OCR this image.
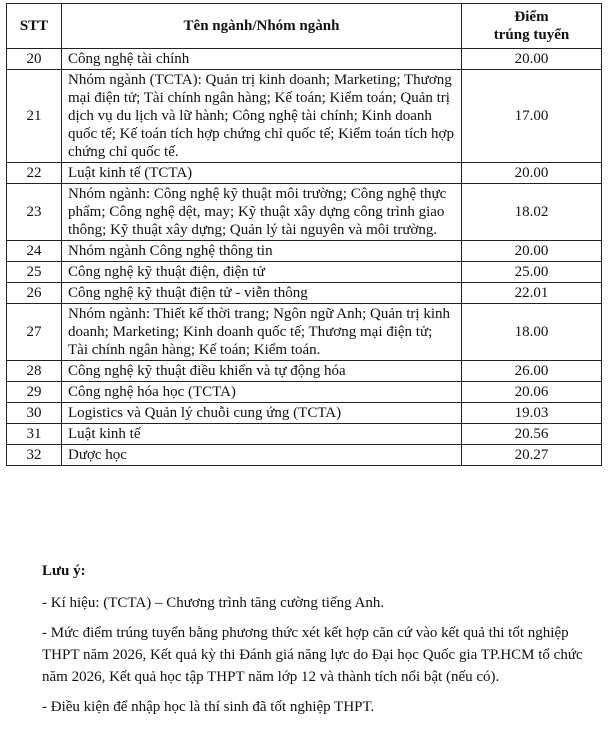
STT	Tên ngành/Nhóm ngành	Điểm
trúng tuyển
20	Công nghệ tài chính	20.00
21	Nhóm ngành (TCTA): Quản trị kinh doanh; Marketing; Thương mại điện tử; Tài chính ngân hàng; Kế toán; Kiểm toán; Quản trị dịch vụ du lịch và lữ hành; Công nghệ tài chính; Kinh doanh quốc tế; Kế toán tích hợp chứng chỉ quốc tế; Kiểm toán tích hợp chứng chỉ quốc tế.	17.00
22	Luật kinh tế (TCTA)	20.00
23	Nhóm ngành: Công nghệ kỹ thuật môi trường; Công nghệ thực phẩm; Công nghệ dệt, may; Kỹ thuật xây dựng công trình giao thông; Kỹ thuật xây dựng; Quản lý tài nguyên và môi trường.	18.02
24	Nhóm ngành Công nghệ thông tin	20.00
25	Công nghệ kỹ thuật điện, điện tử	25.00
26	Công nghệ kỹ thuật điện tử - viễn thông	22.01
27	Nhóm ngành: Thiết kế thời trang; Ngôn ngữ Anh; Quản trị kinh doanh; Marketing; Kinh doanh quốc tế; Thương mại điện tử; Tài chính ngân hàng; Kế toán; Kiểm toán.	18.00
28	Công nghệ kỹ thuật điều khiển và tự động hóa	26.00
29	Công nghệ hóa học (TCTA)	20.06
30	Logistics và Quản lý chuỗi cung ứng (TCTA)	19.03
31	Luật kinh tế	20.56
32	Dược học	20.27

Lưu ý:

- Kí hiệu: (TCTA) – Chương trình tăng cường tiếng Anh.

- Mức điểm trúng tuyển bằng phương thức xét kết hợp căn cứ vào kết quả thi tốt nghiệp THPT năm 2026, Kết quả kỳ thi Đánh giá năng lực do Đại học Quốc gia TP.HCM tổ chức năm 2026, Kết quả học tập THPT năm lớp 12 và thành tích nổi bật (nếu có).

- Điều kiện để nhập học là thí sinh đã tốt nghiệp THPT.
